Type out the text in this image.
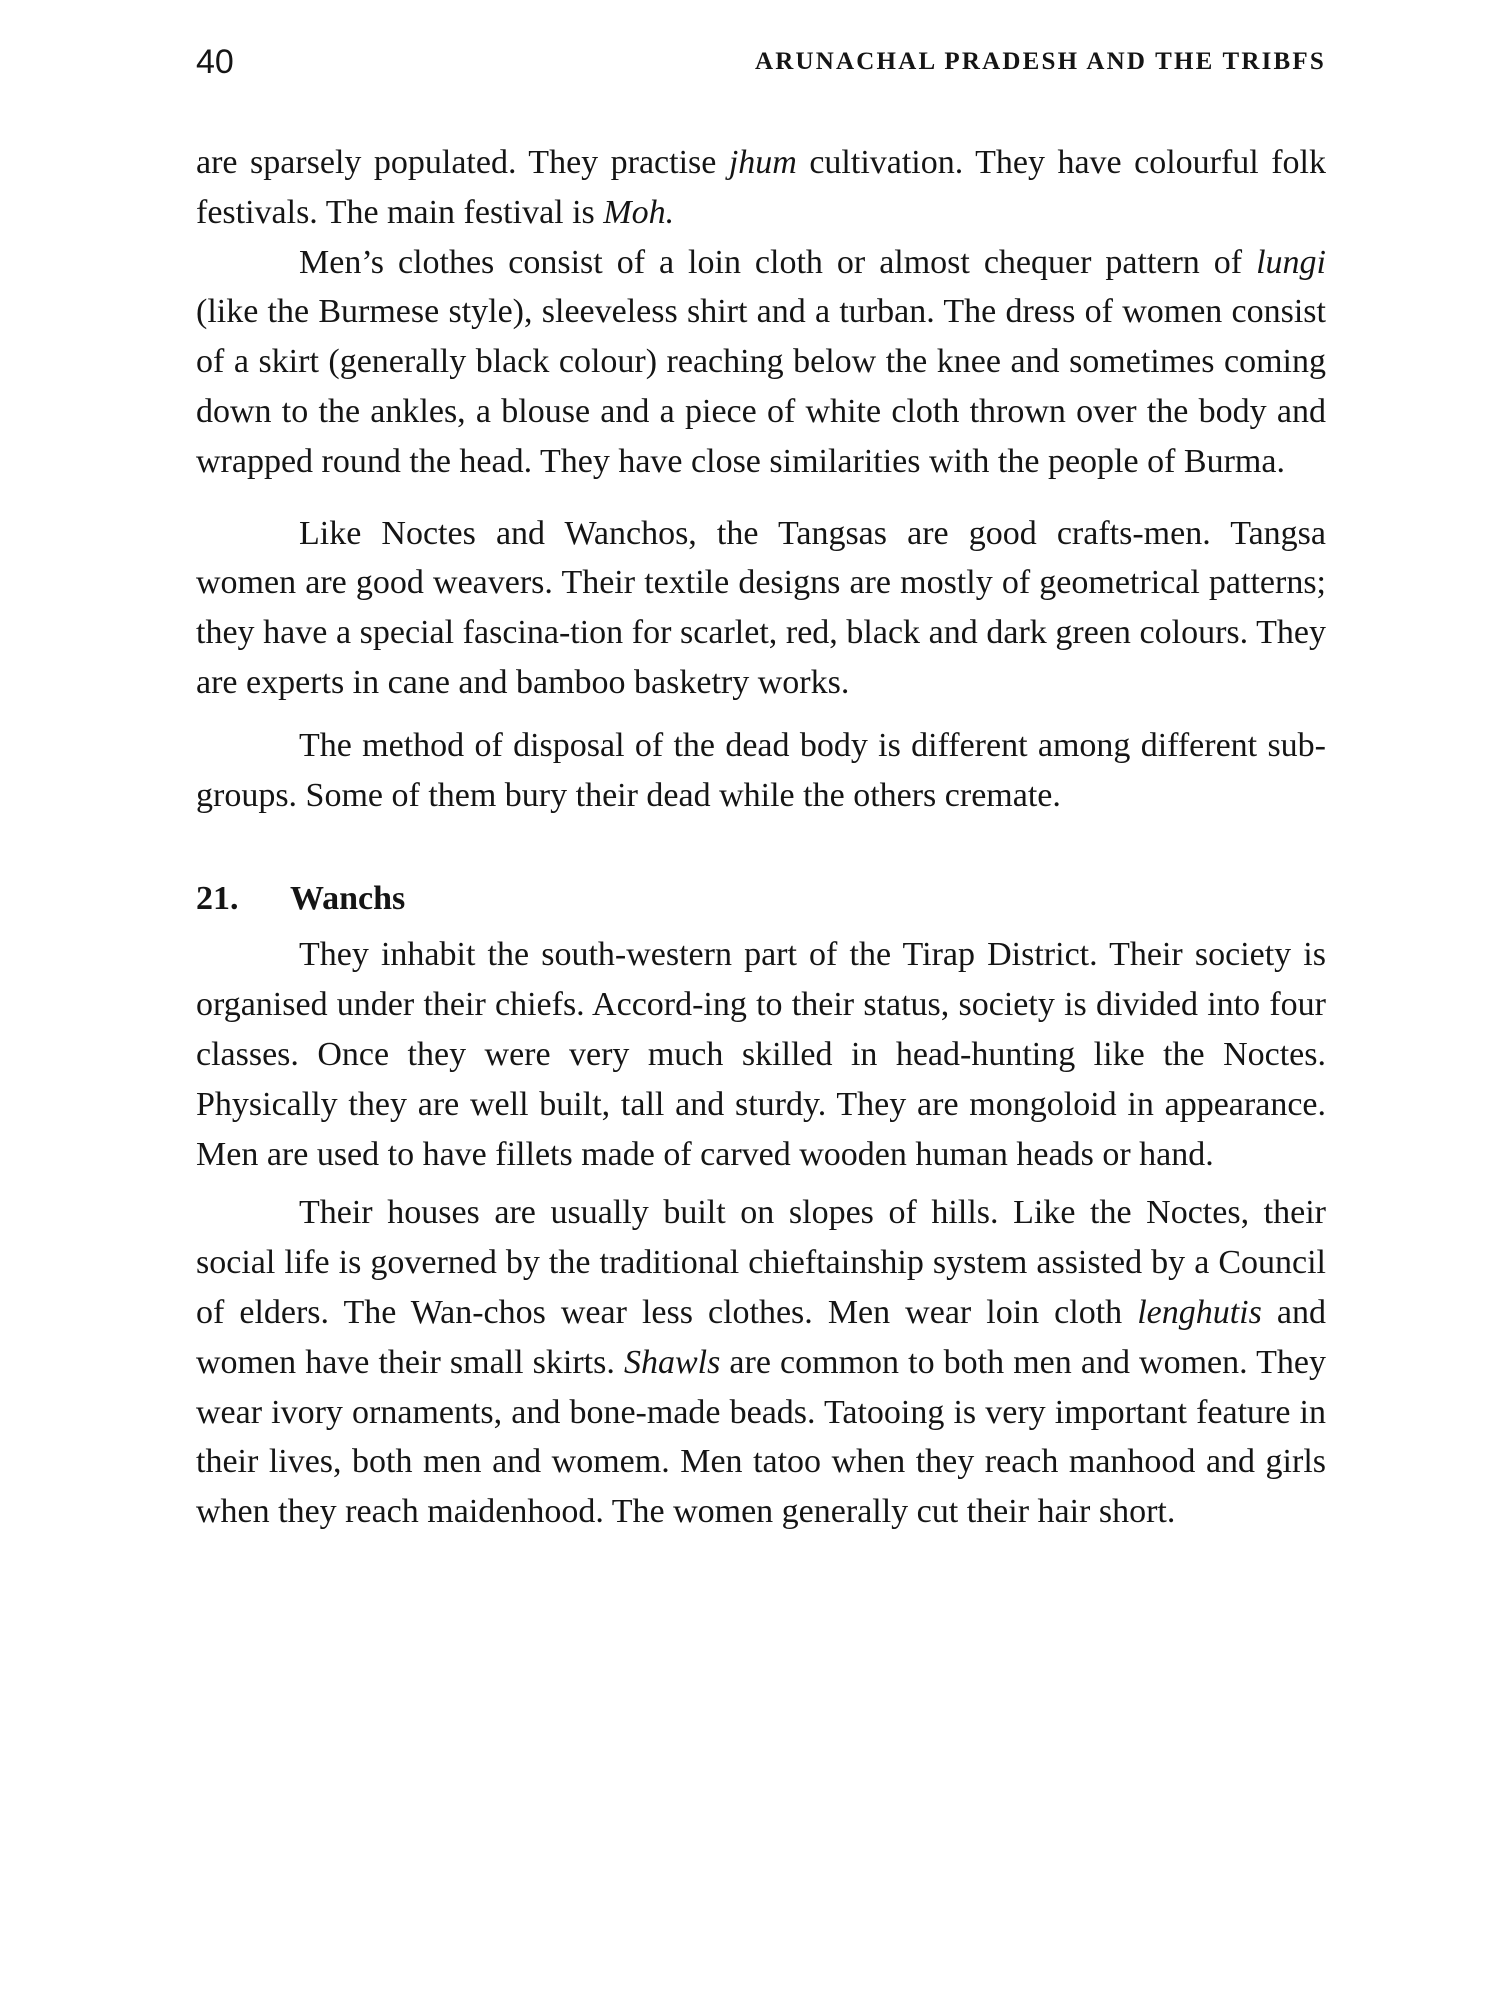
40	ARUNACHAL PRADESH AND THE TRIBFS

are sparsely populated. They practise jhum cultivation. They have colourful folk festivals. The main festival is Moh.

Men’s clothes consist of a loin cloth or almost chequer pattern of lungi (like the Burmese style), sleeveless shirt and a turban. The dress of women consist of a skirt (generally black colour) reaching below the knee and sometimes coming down to the ankles, a blouse and a piece of white cloth thrown over the body and wrapped round the head. They have close similarities with the people of Burma.

Like Noctes and Wanchos, the Tangsas are good crafts-men. Tangsa women are good weavers. Their textile designs are mostly of geometrical patterns; they have a special fascina-tion for scarlet, red, black and dark green colours. They are experts in cane and bamboo basketry works.

The method of disposal of the dead body is different among different sub-groups. Some of them bury their dead while the others cremate.

21. Wanchs

They inhabit the south-western part of the Tirap District. Their society is organised under their chiefs. Accord-ing to their status, society is divided into four classes. Once they were very much skilled in head-hunting like the Noctes. Physically they are well built, tall and sturdy. They are mongoloid in appearance. Men are used to have fillets made of carved wooden human heads or hand.

Their houses are usually built on slopes of hills. Like the Noctes, their social life is governed by the traditional chieftainship system assisted by a Council of elders. The Wan-chos wear less clothes. Men wear loin cloth lenghutis and women have their small skirts. Shawls are common to both men and women. They wear ivory ornaments, and bone-made beads. Tatooing is very important feature in their lives, both men and womem. Men tatoo when they reach manhood and girls when they reach maidenhood. The women generally cut their hair short.
